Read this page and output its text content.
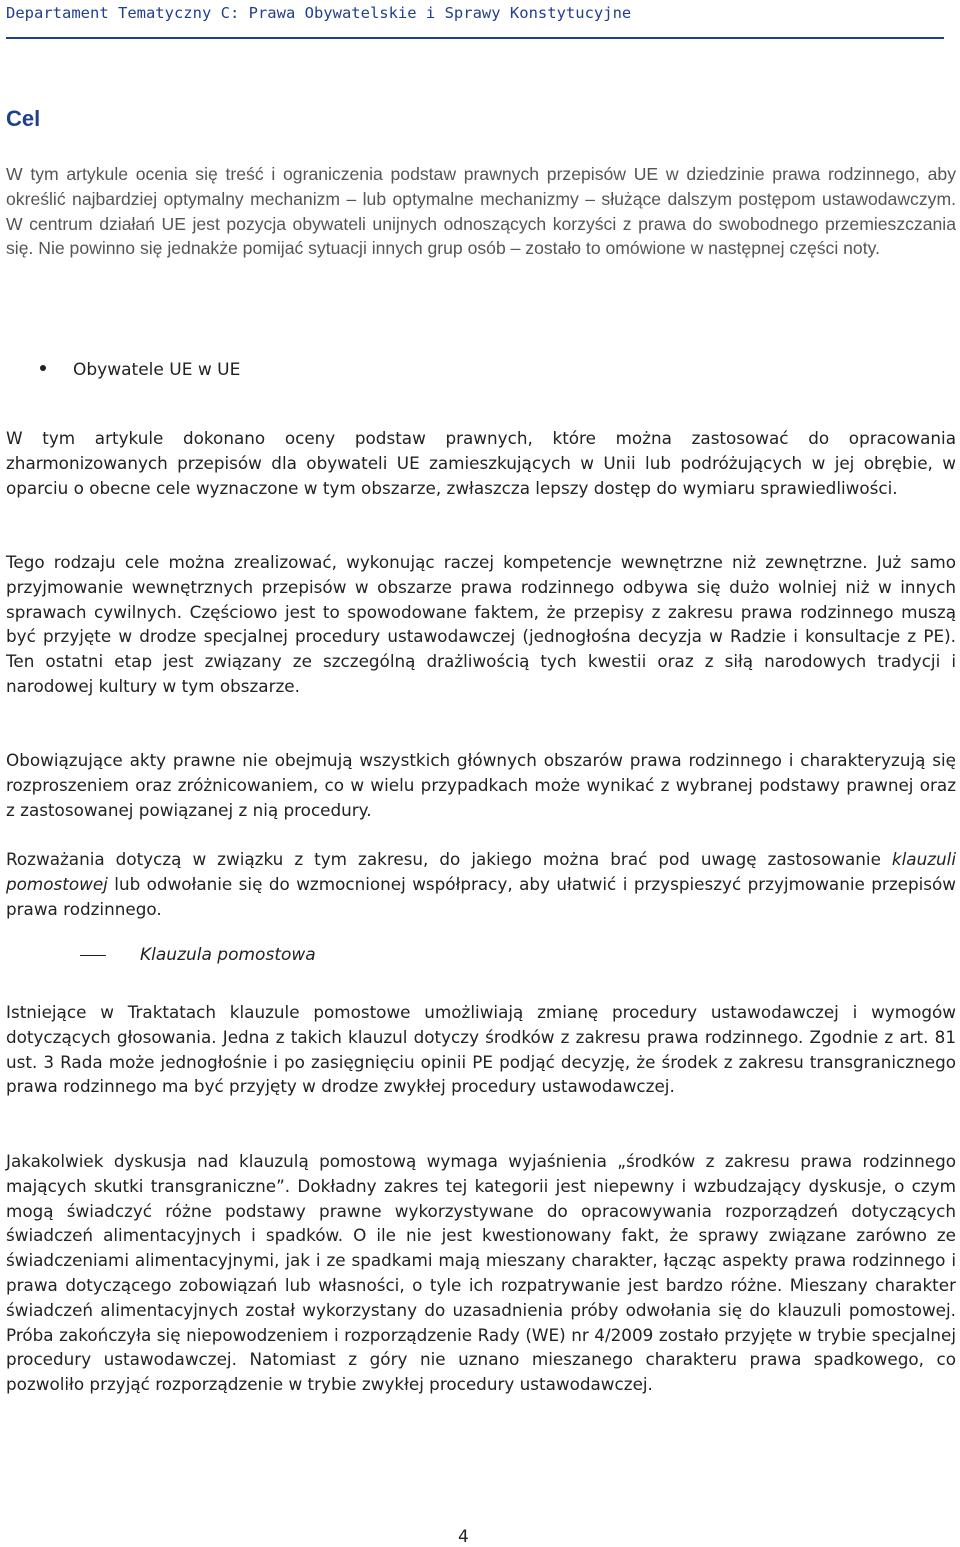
Departament Tematyczny C: Prawa Obywatelskie i Sprawy Konstytucyjne
Cel

W tym artykule ocenia się treść i ograniczenia podstaw prawnych przepisów UE w dziedzinie prawa rodzinnego, aby określić najbardziej optymalny mechanizm – lub optymalne mechanizmy – służące dalszym postępom ustawodawczym. W centrum działań UE jest pozycja obywateli unijnych odnoszących korzyści z prawa do swobodnego przemieszczania się. Nie powinno się jednakże pomijać sytuacji innych grup osób – zostało to omówione w następnej części noty.

Obywatele UE w UE

W tym artykule dokonano oceny podstaw prawnych, które można zastosować do opracowania zharmonizowanych przepisów dla obywateli UE zamieszkujących w Unii lub podróżujących w jej obrębie, w oparciu o obecne cele wyznaczone w tym obszarze, zwłaszcza lepszy dostęp do wymiaru sprawiedliwości.

Tego rodzaju cele można zrealizować, wykonując raczej kompetencje wewnętrzne niż zewnętrzne. Już samo przyjmowanie wewnętrznych przepisów w obszarze prawa rodzinnego odbywa się dużo wolniej niż w innych sprawach cywilnych. Częściowo jest to spowodowane faktem, że przepisy z zakresu prawa rodzinnego muszą być przyjęte w drodze specjalnej procedury ustawodawczej (jednogłośna decyzja w Radzie i konsultacje z PE). Ten ostatni etap jest związany ze szczególną drażliwością tych kwestii oraz z siłą narodowych tradycji i narodowej kultury w tym obszarze.

Obowiązujące akty prawne nie obejmują wszystkich głównych obszarów prawa rodzinnego i charakteryzują się rozproszeniem oraz zróżnicowaniem, co w wielu przypadkach może wynikać z wybranej podstawy prawnej oraz z zastosowanej powiązanej z nią procedury.

Rozważania dotyczą w związku z tym zakresu, do jakiego można brać pod uwagę zastosowanie klauzuli pomostowej lub odwołanie się do wzmocnionej współpracy, aby ułatwić i przyspieszyć przyjmowanie przepisów prawa rodzinnego.

Klauzula pomostowa

Istniejące w Traktatach klauzule pomostowe umożliwiają zmianę procedury ustawodawczej i wymogów dotyczących głosowania. Jedna z takich klauzul dotyczy środków z zakresu prawa rodzinnego. Zgodnie z art. 81 ust. 3 Rada może jednogłośnie i po zasięgnięciu opinii PE podjąć decyzję, że środek z zakresu transgranicznego prawa rodzinnego ma być przyjęty w drodze zwykłej procedury ustawodawczej.

Jakakolwiek dyskusja nad klauzulą pomostową wymaga wyjaśnienia „środków z zakresu prawa rodzinnego mających skutki transgraniczne”. Dokładny zakres tej kategorii jest niepewny i wzbudzający dyskusje, o czym mogą świadczyć różne podstawy prawne wykorzystywane do opracowywania rozporządzeń dotyczących świadczeń alimentacyjnych i spadków. O ile nie jest kwestionowany fakt, że sprawy związane zarówno ze świadczeniami alimentacyjnymi, jak i ze spadkami mają mieszany charakter, łącząc aspekty prawa rodzinnego i prawa dotyczącego zobowiązań lub własności, o tyle ich rozpatrywanie jest bardzo różne. Mieszany charakter świadczeń alimentacyjnych został wykorzystany do uzasadnienia próby odwołania się do klauzuli pomostowej. Próba zakończyła się niepowodzeniem i rozporządzenie Rady (WE) nr 4/2009 zostało przyjęte w trybie specjalnej procedury ustawodawczej. Natomiast z góry nie uznano mieszanego charakteru prawa spadkowego, co pozwoliło przyjąć rozporządzenie w trybie zwykłej procedury ustawodawczej.

4
